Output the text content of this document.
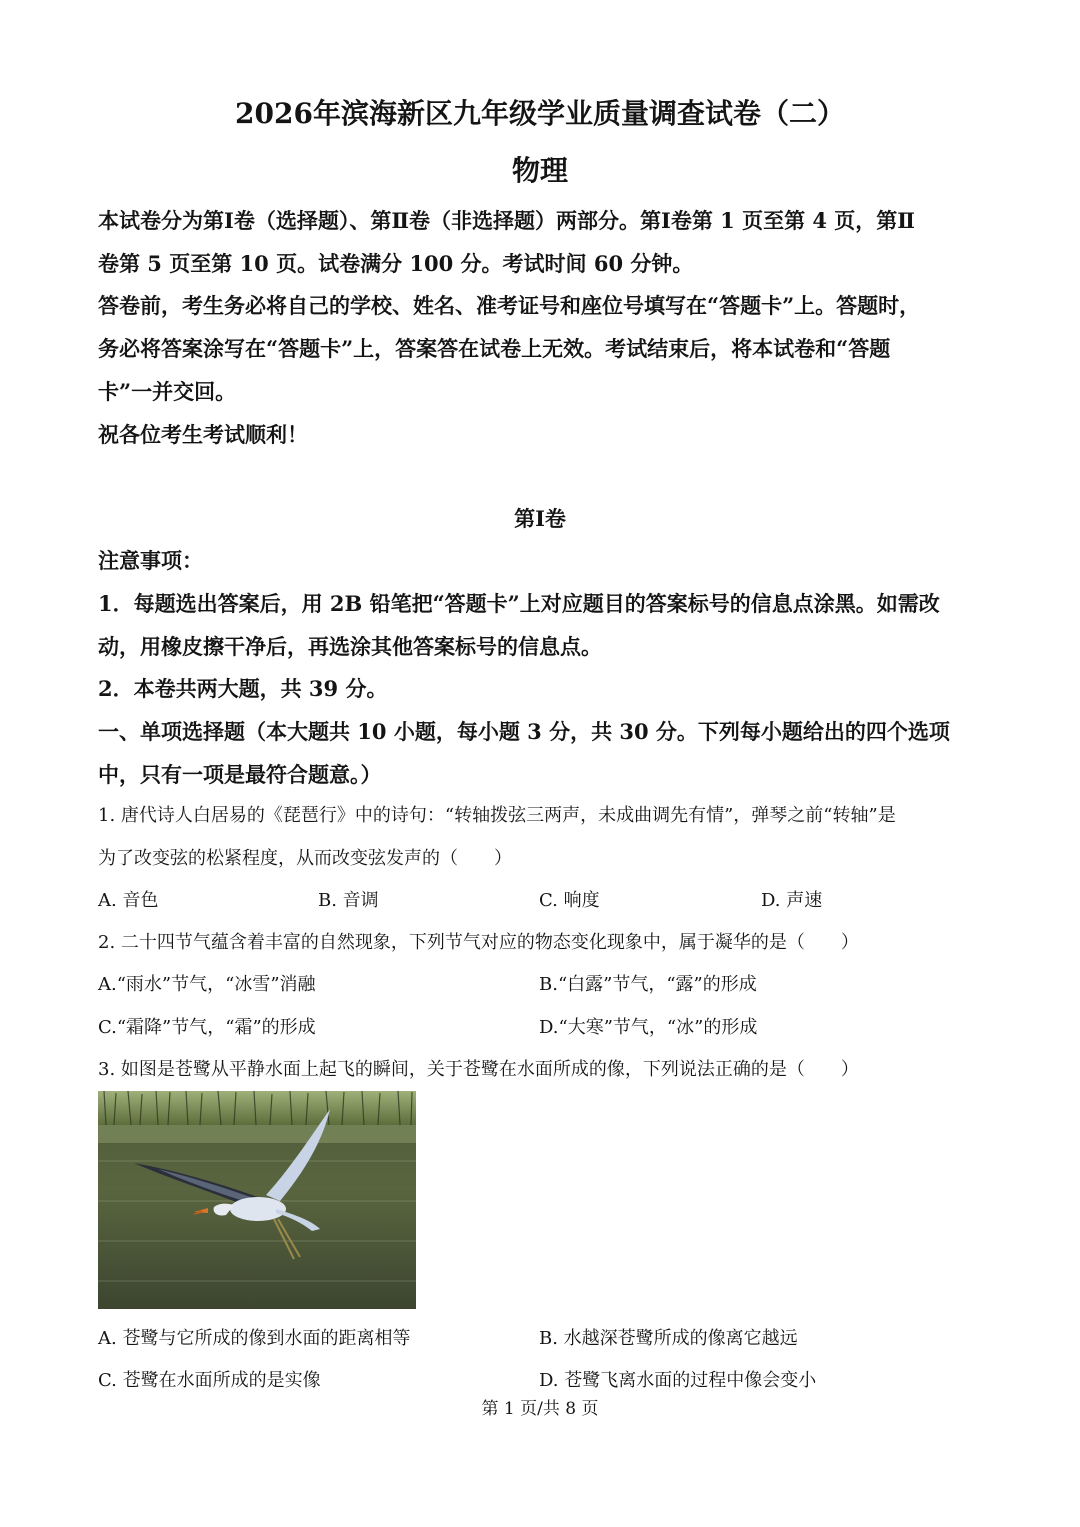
2026年滨海新区九年级学业质量调查试卷（二）
物理
本试卷分为第Ⅰ卷（选择题）、第Ⅱ卷（非选择题）两部分。第Ⅰ卷第 1 页至第 4 页，第Ⅱ
卷第 5 页至第 10 页。试卷满分 100 分。考试时间 60 分钟。
答卷前，考生务必将自己的学校、姓名、准考证号和座位号填写在“答题卡”上。答题时，
务必将答案涂写在“答题卡”上，答案答在试卷上无效。考试结束后，将本试卷和“答题
卡”一并交回。
祝各位考生考试顺利！
第Ⅰ卷
注意事项：
1．每题选出答案后，用 2B 铅笔把“答题卡”上对应题目的答案标号的信息点涂黑。如需改
动，用橡皮擦干净后，再选涂其他答案标号的信息点。
2．本卷共两大题，共 39 分。
一、单项选择题（本大题共 10 小题，每小题 3 分，共 30 分。下列每小题给出的四个选项
中，只有一项是最符合题意。）
1. 唐代诗人白居易的《琵琶行》中的诗句：“转轴拨弦三两声，未成曲调先有情”，弹琴之前“转轴”是
为了改变弦的松紧程度，从而改变弦发声的（　　）
A. 音色	B. 音调	C. 响度	D. 声速
2. 二十四节气蕴含着丰富的自然现象，下列节气对应的物态变化现象中，属于凝华的是（　　）
A.“雨水”节气，“冰雪”消融	B.“白露”节气，“露”的形成
C.“霜降”节气，“霜”的形成	D.“大寒”节气，“冰”的形成
3. 如图是苍鹭从平静水面上起飞的瞬间，关于苍鹭在水面所成的像，下列说法正确的是（　　）
A. 苍鹭与它所成的像到水面的距离相等	B. 水越深苍鹭所成的像离它越远
C. 苍鹭在水面所成的是实像	D. 苍鹭飞离水面的过程中像会变小
第 1 页/共 8 页
